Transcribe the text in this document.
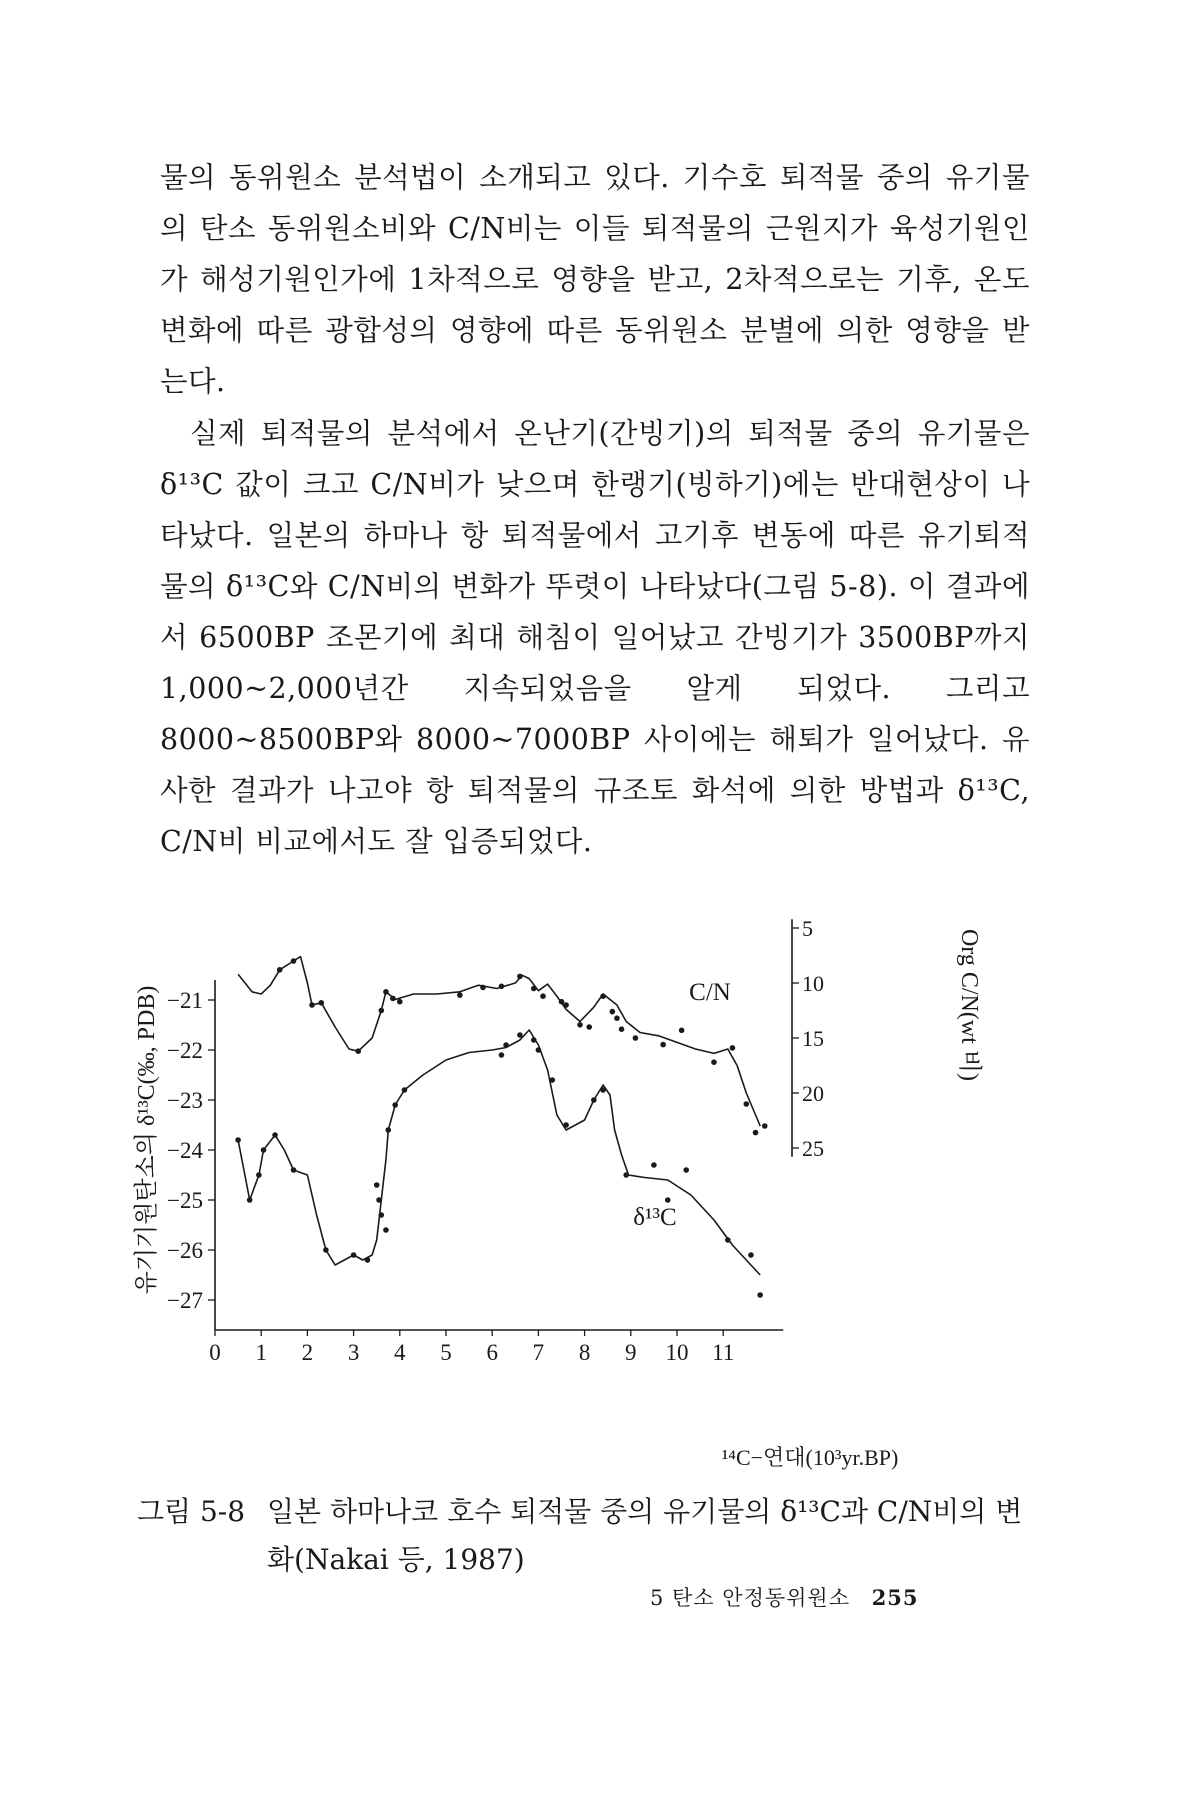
물의 동위원소 분석법이 소개되고 있다. 기수호 퇴적물 중의 유기물의 탄소 동위원소비와 C/N비는 이들 퇴적물의 근원지가 육성기원인가 해성기원인가에 1차적으로 영향을 받고, 2차적으로는 기후, 온도 변화에 따른 광합성의 영향에 따른 동위원소 분별에 의한 영향을 받는다.

실제 퇴적물의 분석에서 온난기(간빙기)의 퇴적물 중의 유기물은 δ¹³C 값이 크고 C/N비가 낮으며 한랭기(빙하기)에는 반대현상이 나타났다. 일본의 하마나 항 퇴적물에서 고기후 변동에 따른 유기퇴적물의 δ¹³C와 C/N비의 변화가 뚜렷이 나타났다(그림 5-8). 이 결과에서 6500BP 조몬기에 최대 해침이 일어났고 간빙기가 3500BP까지 1,000~2,000년간 지속되었음을 알게 되었다. 그리고 8000~8500BP와 8000~7000BP 사이에는 해퇴가 일어났다. 유사한 결과가 나고야 항 퇴적물의 규조토 화석에 의한 방법과 δ¹³C, C/N비 비교에서도 잘 입증되었다.

유기기원탄소의 δ¹³C(‰, PDB)	Org C/N(wt 비)
¹⁴C−연대(10³yr.BP)
0 1 2 3 4 5 6 7 8 9 10 11
−21
−22
−23
−24
−25
−26
−27
5
10
15
20
25
C/N
δ¹³C
그림 5-8 일본 하마나코 호수 퇴적물 중의 유기물의 δ¹³C과 C/N비의 변화(Nakai 등, 1987)
5 탄소 안정동위원소 255
